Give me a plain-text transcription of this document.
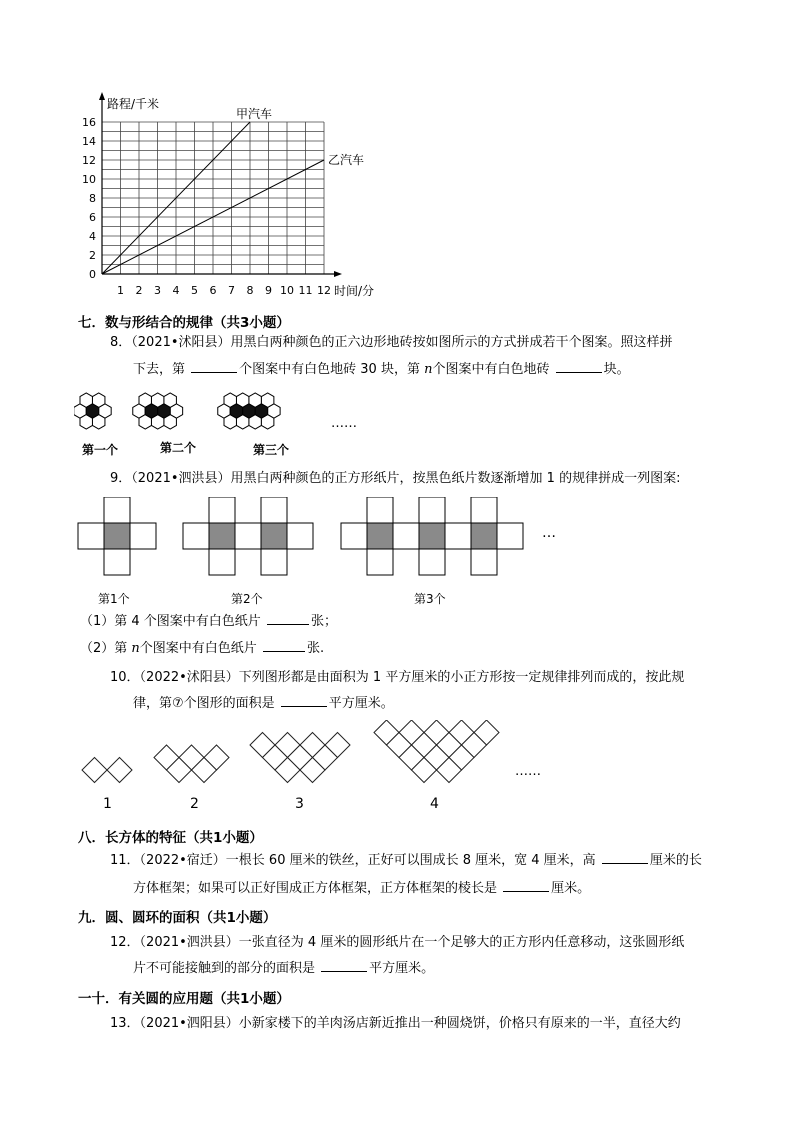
0
2
4
6
8
10
12
14
16
1 2 3 4 5 6 7 8 9 10 11 12
甲汽车
乙汽车
路程/千米
时间/分
七．数与形结合的规律（共3小题）
8．（2021•沭阳县）用黑白两种颜色的正六边形地砖按如图所示的方式拼成若干个图案。照这样拼
下去，第	个图案中有白色地砖 30 块，第 n个图案中有白色地砖	块。
……
第一个	第二个	第三个
9．（2021•泗洪县）用黑白两种颜色的正方形纸片，按黑色纸片数逐渐增加 1 的规律拼成一列图案:
…
第1个	第2个	第3个
（1）第 4 个图案中有白色纸片	张；
（2）第 n个图案中有白色纸片	张.
10．（2022•沭阳县）下列图形都是由面积为 1 平方厘米的小正方形按一定规律排列而成的，按此规
律，第⑦个图形的面积是	平方厘米。
1	2	3	4
……
八．长方体的特征（共1小题）
11．（2022•宿迁）一根长 60 厘米的铁丝，正好可以围成长 8 厘米，宽 4 厘米，高	厘米的长
方体框架；如果可以正好围成正方体框架，正方体框架的棱长是	厘米。
九．圆、圆环的面积（共1小题）
12．（2021•泗洪县）一张直径为 4 厘米的圆形纸片在一个足够大的正方形内任意移动，这张圆形纸
片不可能接触到的部分的面积是	平方厘米。
一十．有关圆的应用题（共1小题）
13．（2021•泗阳县）小新家楼下的羊肉汤店新近推出一种圆烧饼，价格只有原来的一半，直径大约
